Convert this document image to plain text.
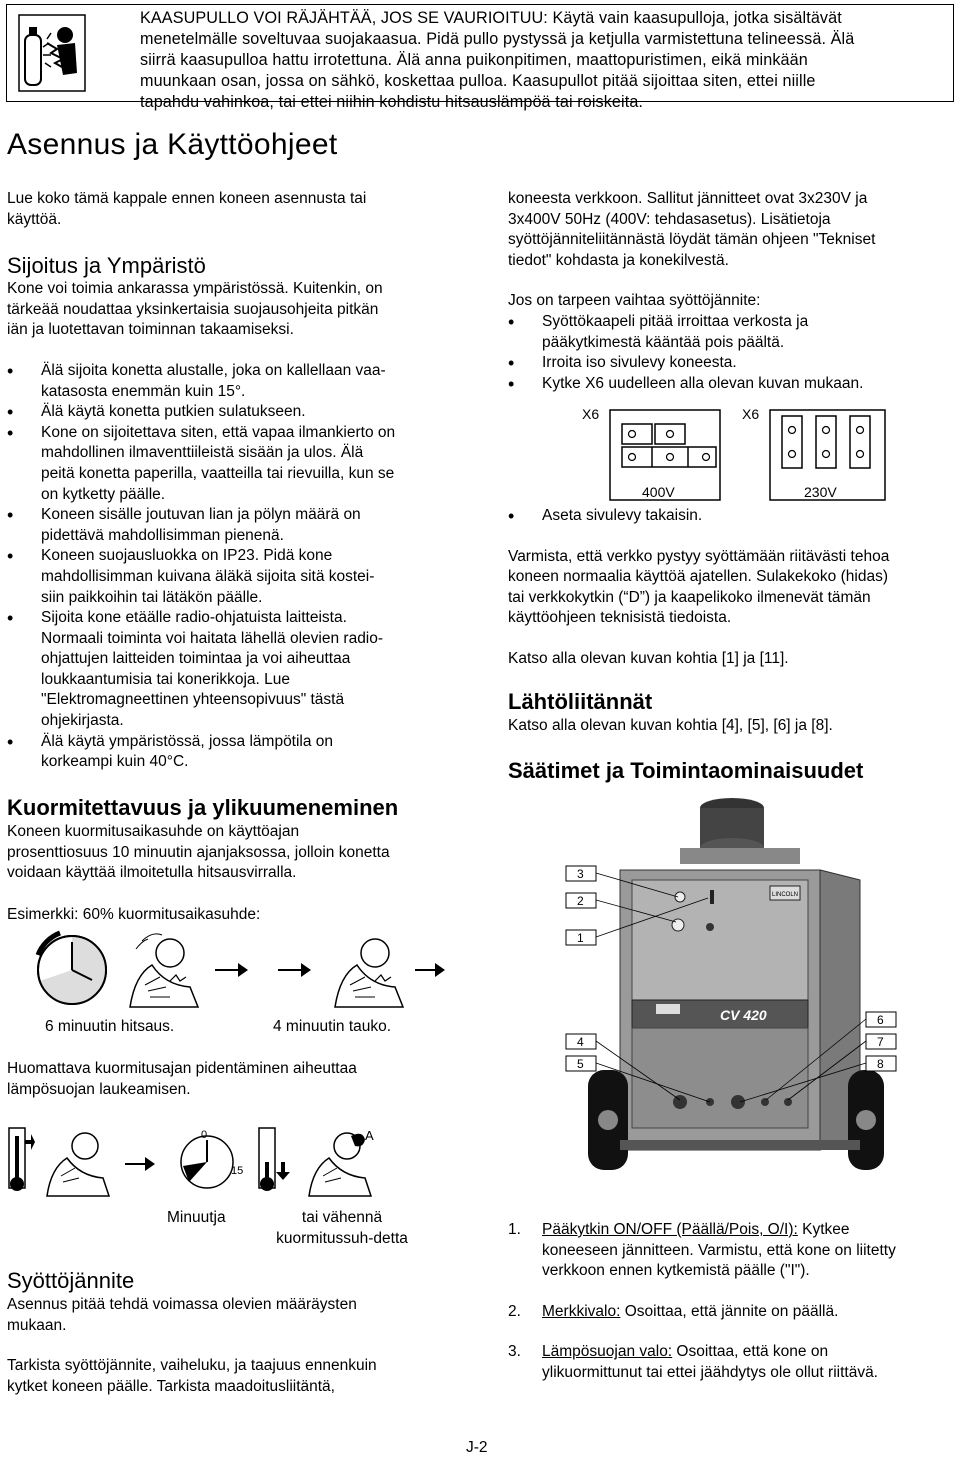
KAASUPULLO VOI RÄJÄHTÄÄ, JOS SE VAURIOITUU: Käytä vain kaasupulloja, jotka sisältävät
menetelmälle soveltuvaa suojakaasua. Pidä pullo pystyssä ja ketjulla varmistettuna telineessä. Älä
siirrä kaasupulloa hattu irrotettuna. Älä anna puikonpitimen, maattopuristimen, eikä minkään
muunkaan osan, jossa on sähkö, koskettaa pulloa. Kaasupullot pitää sijoittaa siten, ettei niille
tapahdu vahinkoa, tai ettei niihin kohdistu hitsauslämpöä tai roiskeita.
Asennus ja Käyttöohjeet

Lue koko tämä kappale ennen koneen asennusta tai

käyttöä.

Sijoitus ja Ympäristö

Kone voi toimia ankarassa ympäristössä. Kuitenkin, on

tärkeää noudattaa yksinkertaisia suojausohjeita pitkän

iän ja luotettavan toiminnan takaamiseksi.

• Älä sijoita konetta alustalle, joka on kallellaan vaa-
katasosta enemmän kuin 15°.
• Älä käytä konetta putkien sulatukseen.
• Kone on sijoitettava siten, että vapaa ilmankierto on
mahdollinen ilmaventtiileistä sisään ja ulos. Älä
peitä konetta paperilla, vaatteilla tai rievuilla, kun se
on kytketty päälle.
• Koneen sisälle joutuvan lian ja pölyn määrä on
pidettävä mahdollisimman pienenä.
• Koneen suojausluokka on IP23. Pidä kone
mahdollisimman kuivana äläkä sijoita sitä kostei-
siin paikkoihin tai lätäkön päälle.
• Sijoita kone etäälle radio-ohjatuista laitteista.
Normaali toiminta voi haitata lähellä olevien radio-
ohjattujen laitteiden toimintaa ja voi aiheuttaa
loukkaantumisia tai konerikkoja. Lue
"Elektromagneettinen yhteensopivuus" tästä
ohjekirjasta.
• Älä käytä ympäristössä, jossa lämpötila on
korkeampi kuin 40°C.
Kuormitettavuus ja ylikuumeneminen

Koneen kuormitusaikasuhde on käyttöajan

prosenttiosuus 10 minuutin ajanjaksossa, jolloin konetta

voidaan käyttää ilmoitetulla hitsausvirralla.

Esimerkki: 60% kuormitusaikasuhde:
6 minuutin hitsaus.	4 minuutin tauko.

Huomattava kuormitusajan pidentäminen aiheuttaa

lämpösuojan laukeamisen.

0
15
A
Minuutja	tai vähennä
kuormitussuh-detta
Syöttöjännite

Asennus pitää tehdä voimassa olevien määräysten

mukaan.

Tarkista syöttöjännite, vaiheluku, ja taajuus ennenkuin

kytket koneen päälle. Tarkista maadoitusliitäntä,

koneesta verkkoon. Sallitut jännitteet ovat 3x230V ja

3x400V 50Hz (400V: tehdasasetus). Lisätietoja

syöttöjänniteliitännästä löydät tämän ohjeen "Tekniset

tiedot" kohdasta ja konekilvestä.

Jos on tarpeen vaihtaa syöttöjännite:

• Syöttökaapeli pitää irroittaa verkosta ja
pääkytkimestä kääntää pois päältä.
• Irroita iso sivulevy koneesta.
• Kytke X6 uudelleen alla olevan kuvan mukaan.
X6	X6
400V	230V
• Aseta sivulevy takaisin.

Varmista, että verkko pystyy syöttämään riitävästi tehoa

koneen normaalia käyttöä ajatellen. Sulakekoko (hidas)

tai verkkokytkin (“D”) ja kaapelikoko ilmenevät tämän

käyttöohjeen teknisistä tiedoista.

Katso alla olevan kuvan kohtia [1] ja [11].

Lähtöliitännät
Katso alla olevan kuvan kohtia [4], [5], [6] ja [8].
Säätimet ja Toimintaominaisuudet
LINCOLN
CV 420
3
2
1
6
7
8
4
5
1. Pääkytkin ON/OFF (Päällä/Pois, O/I): Kytkee
koneeseen jännitteen. Varmistu, että kone on liitetty
verkkoon ennen kytkemistä päälle ("I").
2. Merkkivalo: Osoittaa, että jännite on päällä.
3. Lämpösuojan valo: Osoittaa, että kone on
ylikuormittunut tai ettei jäähdytys ole ollut riittävä.
J-2
